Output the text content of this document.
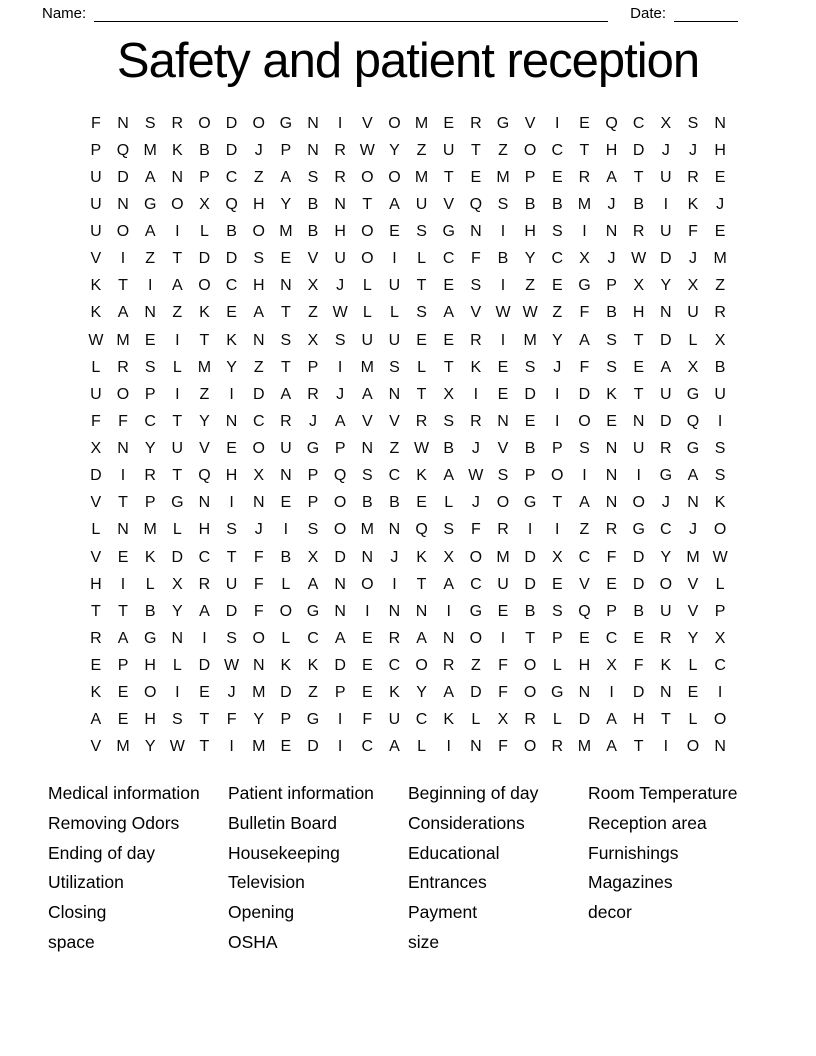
Name:	Date:
Safety and patient reception
F	N	S	R O D O G N	I	V O M E	R G V	I	E Q C	X	S	N
P Q M K	B	D	J	P	N R W Y	Z	U	T	Z	O C	T	H D	J	J	H
U D	A	N	P	C	Z	A	S	R O O M T	E M P	E	R	A	T	U R	E
U N G O X Q H	Y	B	N	T	A	U	V Q S	B	B M	J	B	I	K	J
U O A	I	L	B O M B	H O E	S G N	I	H	S	I	N R U	F	E
V	I	Z	T	D D	S	E	V	U O	I	L	C	F	B	Y	C	X	J W D	J	M
K	T	I	A O C H N	X	J	L	U	T	E	S	I	Z	E G P	X	Y	X	Z
K	A	N	Z	K	E	A	T	Z W L	L	S	A	V W W Z	F	B	H N U R
W M E	I	T	K	N	S	X	S	U U	E	E	R	I	M Y	A	S	T	D	L	X
L	R	S	L	M Y	Z	T	P	I	M S	L	T	K	E	S	J	F	S	E	A	X	B
U O P	I	Z	I	D	A	R	J	A	N	T	X	I	E	D	I	D	K	T	U G U
F	F	C	T	Y	N C R	J	A	V	V	R	S	R N	E	I	O E	N D Q	I
X	N	Y	U	V	E O U G P	N	Z W B	J	V	B	P	S	N U R G S
D	I	R	T	Q H	X	N	P Q S	C	K	A W S	P O	I	N	I	G A	S
V	T	P G N	I	N	E	P O B	B	E	L	J	O G	T	A	N O	J	N	K
L	N M	L	H	S	J	I	S O M N Q S	F	R	I	I	Z	R G C	J	O
V	E	K	D C	T	F	B	X	D N	J	K	X O M D	X	C	F	D	Y M W
H	I	L	X	R U	F	L	A	N O	I	T	A	C U D	E	V	E	D O V	L
T	T	B	Y	A	D	F	O G N	I	N N	I	G E	B	S Q P	B	U	V	P
R	A G N	I	S O	L	C	A	E	R	A	N O	I	T	P	E	C	E	R	Y	X
E	P	H	L	D W N	K	K	D	E	C O R	Z	F	O	L	H	X	F	K	L	C
K	E O	I	E	J	M D	Z	P	E	K	Y	A	D	F	O G N	I	D N	E	I
A	E	H	S	T	F	Y	P G	I	F	U C	K	L	X	R	L	D	A	H	T	L	O
V M Y W T	I	M E	D	I	C	A	L	I	N	F	O R M A	T	I	O N
Medical information
Removing Odors
Ending of day
Utilization
Closing
space
Patient information
Bulletin Board
Housekeeping
Television
Opening
OSHA
Beginning of day
Considerations
Educational
Entrances
Payment
size
Room Temperature
Reception area
Furnishings
Magazines
decor
